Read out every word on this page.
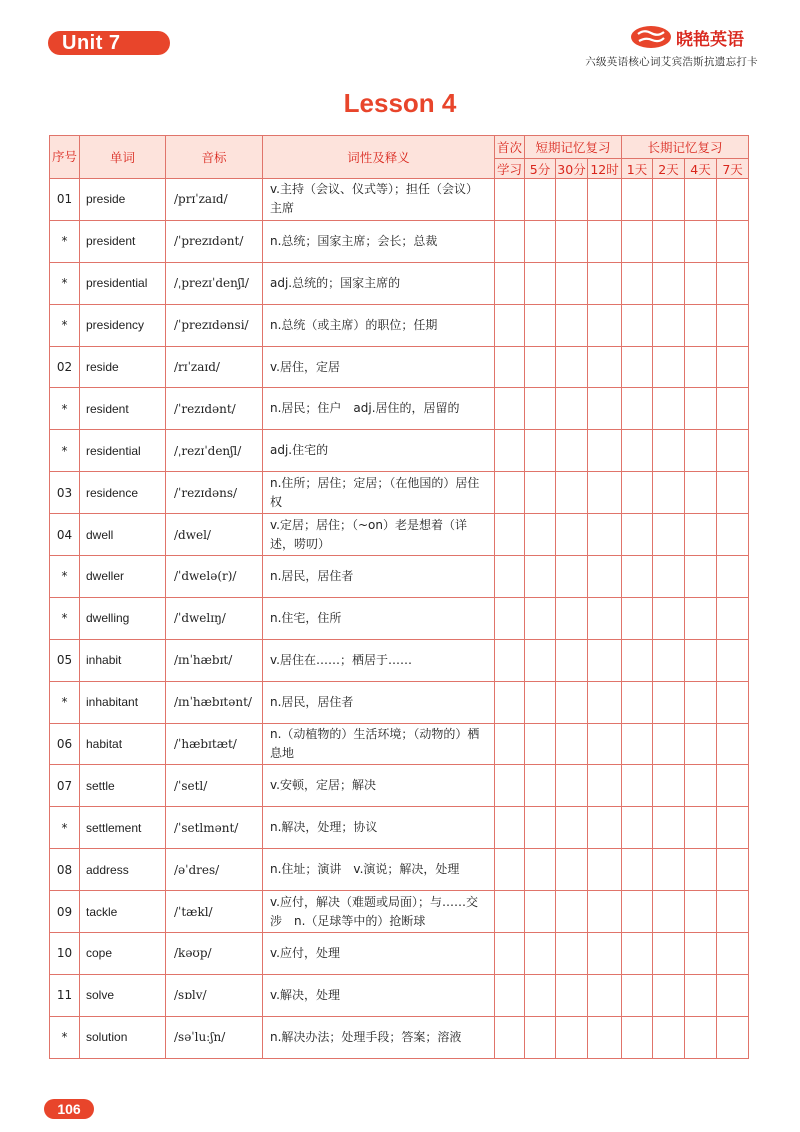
Unit 7	晓艳英语
六级英语核心词艾宾浩斯抗遗忘打卡
Lesson 4
序号	单词	音标	词性及释义	首次	短期记忆复习			长期记忆复习			
				学习	5分	30分	12时	1天	2天	4天	7天
01	preside	/prɪˈzaɪd/	v.主持（会议、仪式等）；担任（会议）主席								
*	president	/ˈprezɪdənt/	n.总统；国家主席；会长；总裁								
*	presidential	/ˌprezɪˈdenʃl/	adj.总统的；国家主席的								
*	presidency	/ˈprezɪdənsi/	n.总统（或主席）的职位；任期								
02	reside	/rɪˈzaɪd/	v.居住，定居								
*	resident	/ˈrezɪdənt/	n.居民；住户　adj.居住的，居留的								
*	residential	/ˌrezɪˈdenʃl/	adj.住宅的								
03	residence	/ˈrezɪdəns/	n.住所；居住；定居；（在他国的）居住权								
04	dwell	/dwel/	v.定居；居住；（~on）老是想着（详述，唠叨）								
*	dweller	/ˈdwelə(r)/	n.居民，居住者								
*	dwelling	/ˈdwelɪŋ/	n.住宅，住所								
05	inhabit	/ɪnˈhæbɪt/	v.居住在……；栖居于……								
*	inhabitant	/ɪnˈhæbɪtənt/	n.居民，居住者								
06	habitat	/ˈhæbɪtæt/	n.（动植物的）生活环境；（动物的）栖息地								
07	settle	/ˈsetl/	v.安顿，定居；解决								
*	settlement	/ˈsetlmənt/	n.解决，处理；协议								
08	address	/əˈdres/	n.住址；演讲　v.演说；解决，处理								
09	tackle	/ˈtækl/	v.应付，解决（难题或局面）；与……交涉　n.（足球等中的）抢断球								
10	cope	/kəʊp/	v.应付，处理								
11	solve	/sɒlv/	v.解决，处理								
*	solution	/səˈluːʃn/	n.解决办法；处理手段；答案；溶液								
106
